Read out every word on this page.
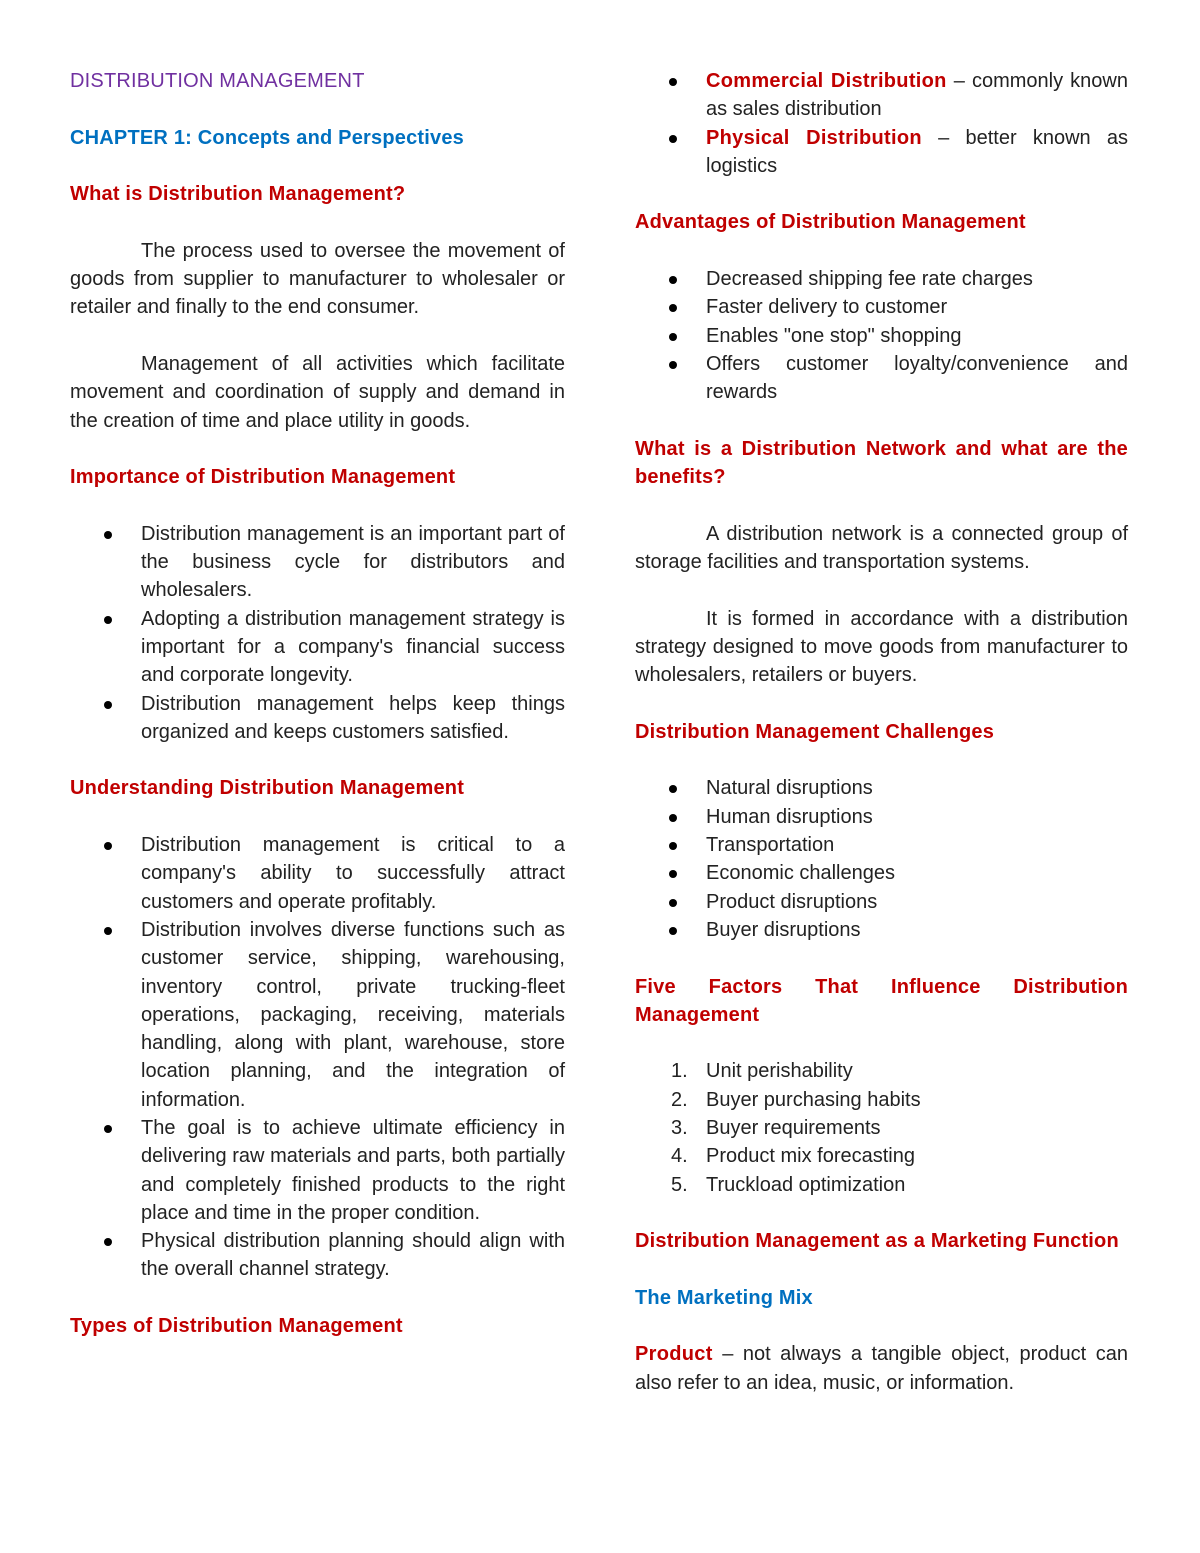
DISTRIBUTION MANAGEMENT

CHAPTER 1: Concepts and Perspectives

What is Distribution Management?

The process used to oversee the movement of goods from supplier to manufacturer to wholesaler or retailer and finally to the end consumer.

Management of all activities which facilitate movement and coordination of supply and demand in the creation of time and place utility in goods.

Importance of Distribution Management

Distribution management is an important part of the business cycle for distributors and wholesalers.
Adopting a distribution management strategy is important for a company's financial success and corporate longevity.
Distribution management helps keep things organized and keeps customers satisfied.

Understanding Distribution Management

Distribution management is critical to a company's ability to successfully attract customers and operate profitably.
Distribution involves diverse functions such as customer service, shipping, warehousing, inventory control, private trucking-fleet operations, packaging, receiving, materials handling, along with plant, warehouse, store location planning, and the integration of information.
The goal is to achieve ultimate efficiency in delivering raw materials and parts, both partially and completely finished products to the right place and time in the proper condition.
Physical distribution planning should align with the overall channel strategy.

Types of Distribution Management

Commercial Distribution – commonly known as sales distribution
Physical Distribution – better known as logistics

Advantages of Distribution Management

Decreased shipping fee rate charges
Faster delivery to customer
Enables "one stop" shopping
Offers customer loyalty/convenience and rewards

What is a Distribution Network and what are the benefits?

A distribution network is a connected group of storage facilities and transportation systems.

It is formed in accordance with a distribution strategy designed to move goods from manufacturer to wholesalers, retailers or buyers.

Distribution Management Challenges

Natural disruptions
Human disruptions
Transportation
Economic challenges
Product disruptions
Buyer disruptions

Five Factors That Influence Distribution Management

1. Unit perishability
2. Buyer purchasing habits
3. Buyer requirements
4. Product mix forecasting
5. Truckload optimization

Distribution Management as a Marketing Function

The Marketing Mix

Product – not always a tangible object, product can also refer to an idea, music, or information.
